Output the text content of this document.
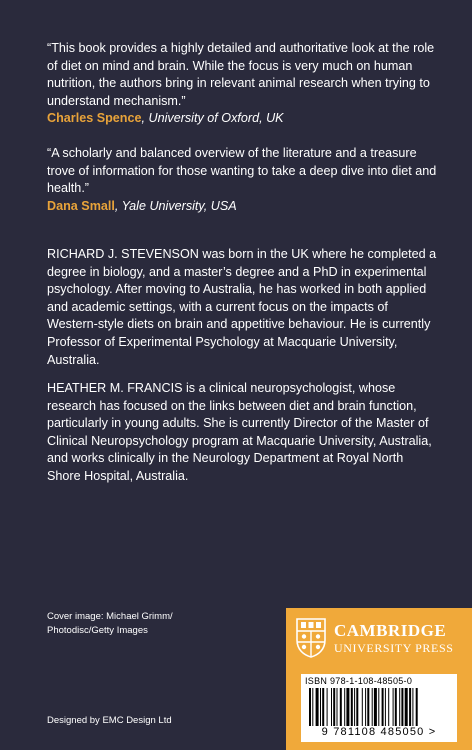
“This book provides a highly detailed and authoritative look at the role of diet on mind and brain. While the focus is very much on human nutrition, the authors bring in relevant animal research when trying to understand mechanism.”
Charles Spence, University of Oxford, UK

“A scholarly and balanced overview of the literature and a treasure trove of information for those wanting to take a deep dive into diet and health.”
Dana Small, Yale University, USA

RICHARD J. STEVENSON was born in the UK where he completed a degree in biology, and a master’s degree and a PhD in experimental psychology. After moving to Australia, he has worked in both applied and academic settings, with a current focus on the impacts of Western-style diets on brain and appetitive behaviour. He is currently Professor of Experimental Psychology at Macquarie University, Australia.

HEATHER M. FRANCIS is a clinical neuropsychologist, whose research has focused on the links between diet and brain function, particularly in young adults. She is currently Director of the Master of Clinical Neuropsychology program at Macquarie University, Australia, and works clinically in the Neurology Department at Royal North Shore Hospital, Australia.

Cover image: Michael Grimm/
Photodisc/Getty Images

Designed by EMC Design Ltd

CAMBRIDGE
UNIVERSITY PRESS
ISBN 978-1-108-48505-0
9 781108 485050 >
